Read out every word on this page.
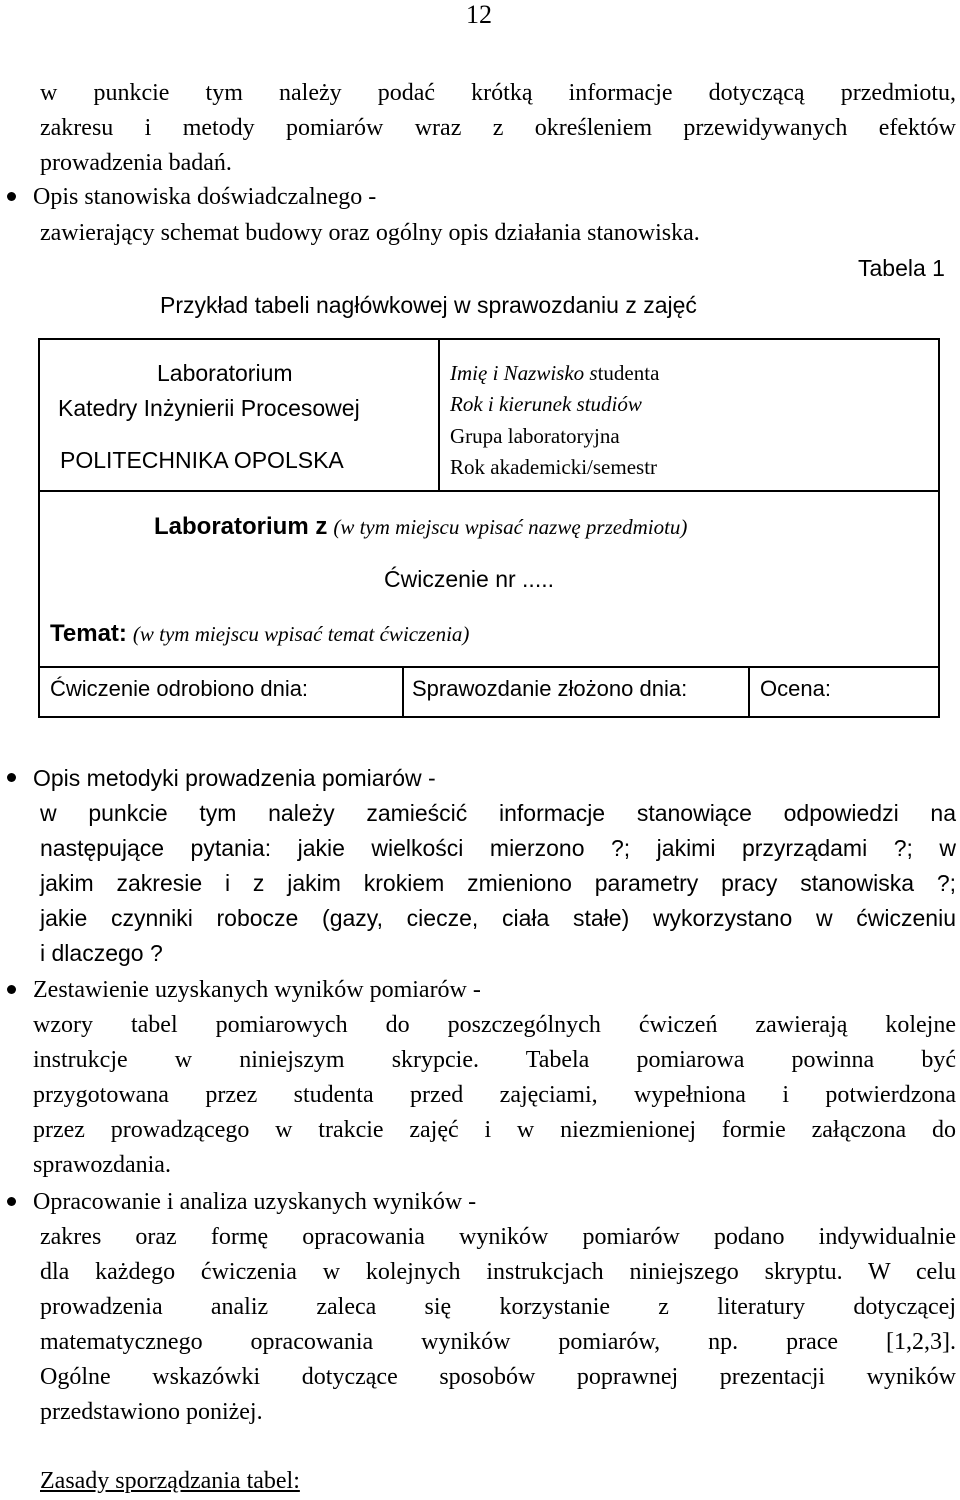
12
w punkcie tym należy podać krótką informacje dotyczącą przedmiotu,
zakresu i metody pomiarów wraz z określeniem przewidywanych efektów
prowadzenia badań.
Opis stanowiska doświadczalnego -
zawierający schemat budowy oraz ogólny opis działania stanowiska.
Tabela 1
Przykład tabeli nagłówkowej w sprawozdaniu z zajęć
Laboratorium
Katedry Inżynierii Procesowej
POLITECHNIKA OPOLSKA
Imię i Nazwisko studenta
Rok i kierunek studiów
Grupa laboratoryjna
Rok akademicki/semestr
Laboratorium z (w tym miejscu wpisać nazwę przedmiotu)
Ćwiczenie nr .....
Temat: (w tym miejscu wpisać temat ćwiczenia)
Ćwiczenie odrobiono dnia:	Sprawozdanie złożono dnia:	Ocena:
Opis metodyki prowadzenia pomiarów -
w punkcie tym należy zamieścić informacje stanowiące odpowiedzi na
następujące pytania: jakie wielkości mierzono ?; jakimi przyrządami ?; w
jakim zakresie i z jakim krokiem zmieniono parametry pracy stanowiska ?;
jakie czynniki robocze (gazy, ciecze, ciała stałe) wykorzystano w ćwiczeniu
i dlaczego ?
Zestawienie uzyskanych wyników pomiarów -
wzory tabel pomiarowych do poszczególnych ćwiczeń zawierają kolejne
instrukcje w niniejszym skrypcie. Tabela pomiarowa powinna być
przygotowana przez studenta przed zajęciami, wypełniona i potwierdzona
przez prowadzącego w trakcie zajęć i w niezmienionej formie załączona do
sprawozdania.
Opracowanie i analiza uzyskanych wyników -
zakres oraz formę opracowania wyników pomiarów podano indywidualnie
dla każdego ćwiczenia w kolejnych instrukcjach niniejszego skryptu. W celu
prowadzenia analiz zaleca się korzystanie z literatury dotyczącej
matematycznego opracowania wyników pomiarów, np. prace [1,2,3].
Ogólne wskazówki dotyczące sposobów poprawnej prezentacji wyników
przedstawiono poniżej.
Zasady sporządzania tabel:
